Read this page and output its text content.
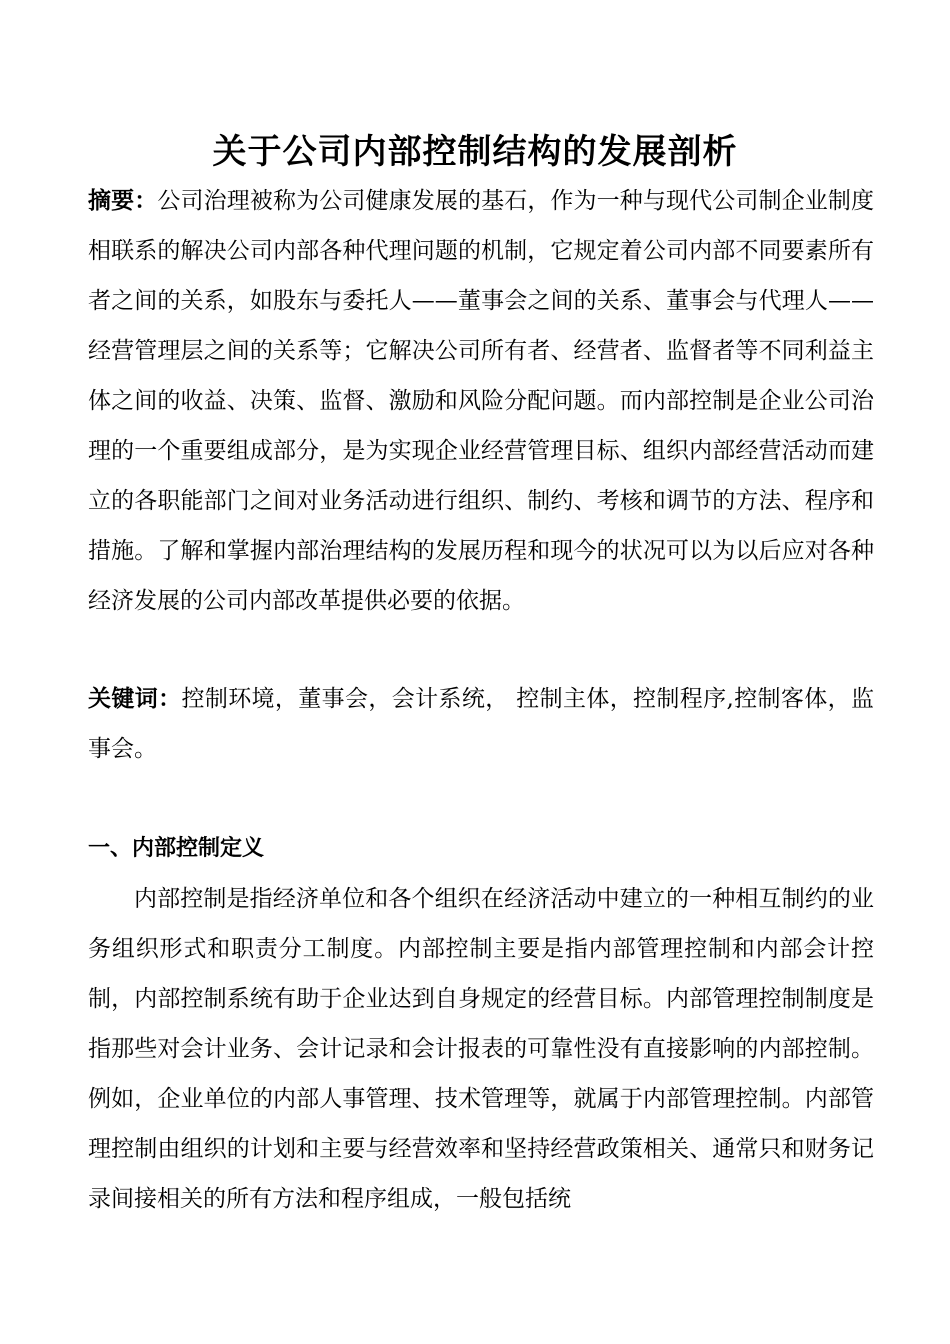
关于公司内部控制结构的发展剖析
摘要：公司治理被称为公司健康发展的基石，作为一种与现代公司制企业制度相联系的解决公司内部各种代理问题的机制，它规定着公司内部不同要素所有者之间的关系，如股东与委托人——董事会之间的关系、董事会与代理人——经营管理层之间的关系等；它解决公司所有者、经营者、监督者等不同利益主体之间的收益、决策、监督、激励和风险分配问题。而内部控制是企业公司治理的一个重要组成部分，是为实现企业经营管理目标、组织内部经营活动而建立的各职能部门之间对业务活动进行组织、制约、考核和调节的方法、程序和措施。了解和掌握内部治理结构的发展历程和现今的状况可以为以后应对各种经济发展的公司内部改革提供必要的依据。
关键词：控制环境，董事会，会计系统， 控制主体，控制程序,控制客体，监事会。
一、内部控制定义
内部控制是指经济单位和各个组织在经济活动中建立的一种相互制约的业务组织形式和职责分工制度。内部控制主要是指内部管理控制和内部会计控制，内部控制系统有助于企业达到自身规定的经营目标。内部管理控制制度是指那些对会计业务、会计记录和会计报表的可靠性没有直接影响的内部控制。例如，企业单位的内部人事管理、技术管理等，就属于内部管理控制。内部管理控制由组织的计划和主要与经营效率和坚持经营政策相关、通常只和财务记录间接相关的所有方法和程序组成，一般包括统
